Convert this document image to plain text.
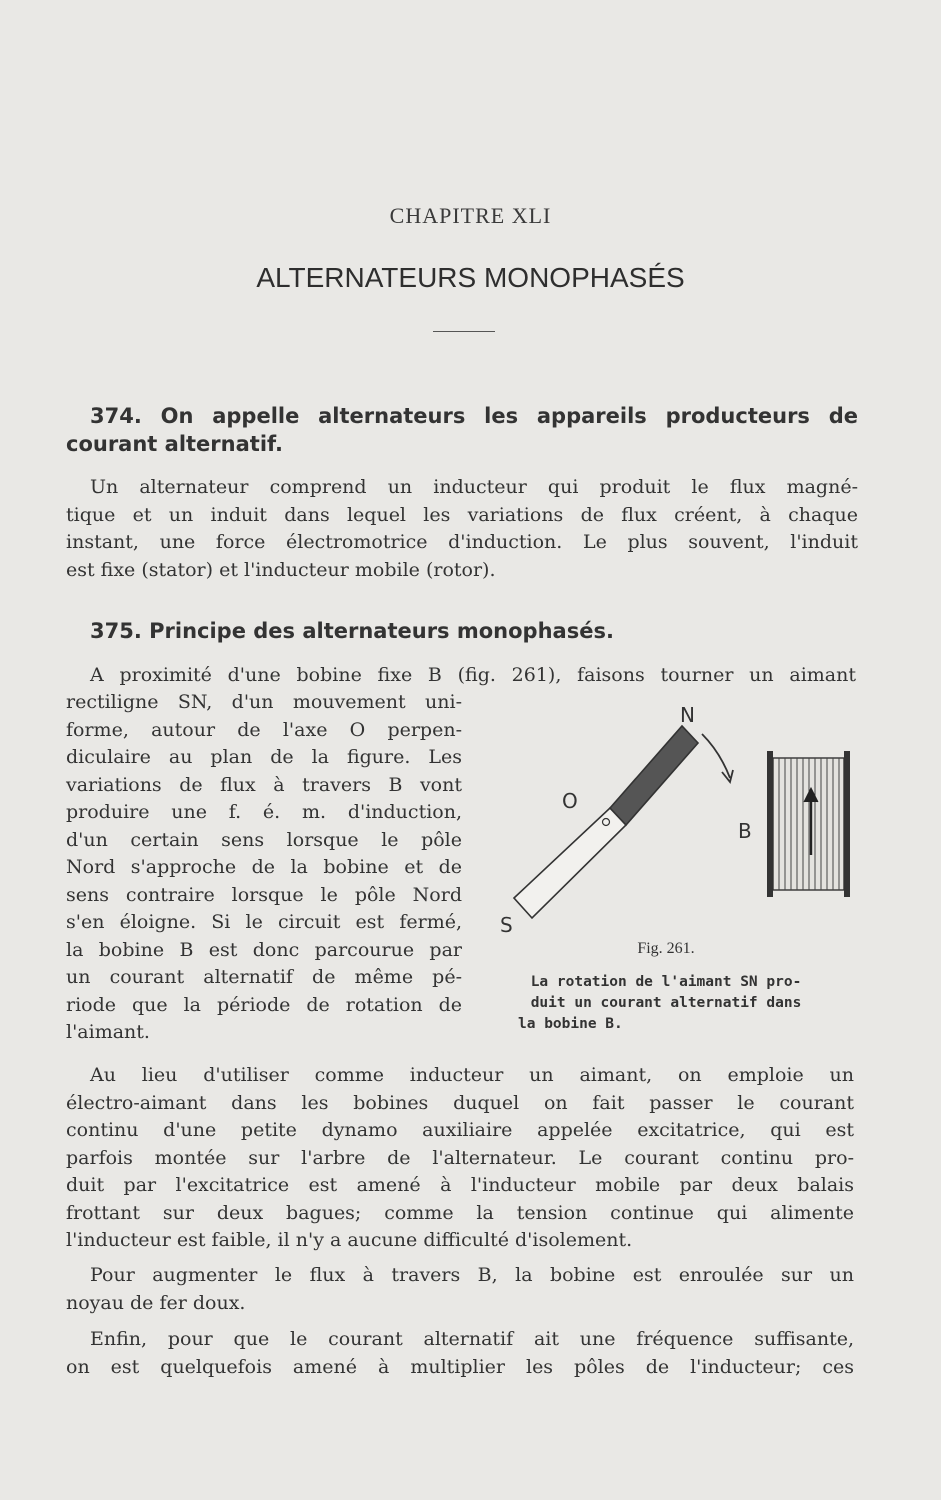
CHAPITRE XLI
ALTERNATEURS MONOPHASÉS
374. On appelle alternateurs les appareils producteurs de
courant alternatif.
Un alternateur comprend un inducteur qui produit le flux magné-
tique et un induit dans lequel les variations de flux créent, à chaque
instant, une force électromotrice d'induction. Le plus souvent, l'induit
est fixe (stator) et l'inducteur mobile (rotor).
375. Principe des alternateurs monophasés.
A proximité d'une bobine fixe B (fig. 261), faisons tourner un aimant
rectiligne SN, d'un mouvement uni-
forme, autour de l'axe O perpen-
diculaire au plan de la figure. Les
variations de flux à travers B vont
produire une f. é. m. d'induction,
d'un certain sens lorsque le pôle
Nord s'approche de la bobine et de
sens contraire lorsque le pôle Nord
s'en éloigne. Si le circuit est fermé,
la bobine B est donc parcourue par
un courant alternatif de même pé-
riode que la période de rotation de
l'aimant.
N
S
O
B
Fig. 261.
La rotation de l'aimant SN pro-
duit un courant alternatif dans
la bobine B.
Au lieu d'utiliser comme inducteur un aimant, on emploie un
électro-aimant dans les bobines duquel on fait passer le courant
continu d'une petite dynamo auxiliaire appelée excitatrice, qui est
parfois montée sur l'arbre de l'alternateur. Le courant continu pro-
duit par l'excitatrice est amené à l'inducteur mobile par deux balais
frottant sur deux bagues; comme la tension continue qui alimente
l'inducteur est faible, il n'y a aucune difficulté d'isolement.
Pour augmenter le flux à travers B, la bobine est enroulée sur un
noyau de fer doux.
Enfin, pour que le courant alternatif ait une fréquence suffisante,
on est quelquefois amené à multiplier les pôles de l'inducteur; ces
